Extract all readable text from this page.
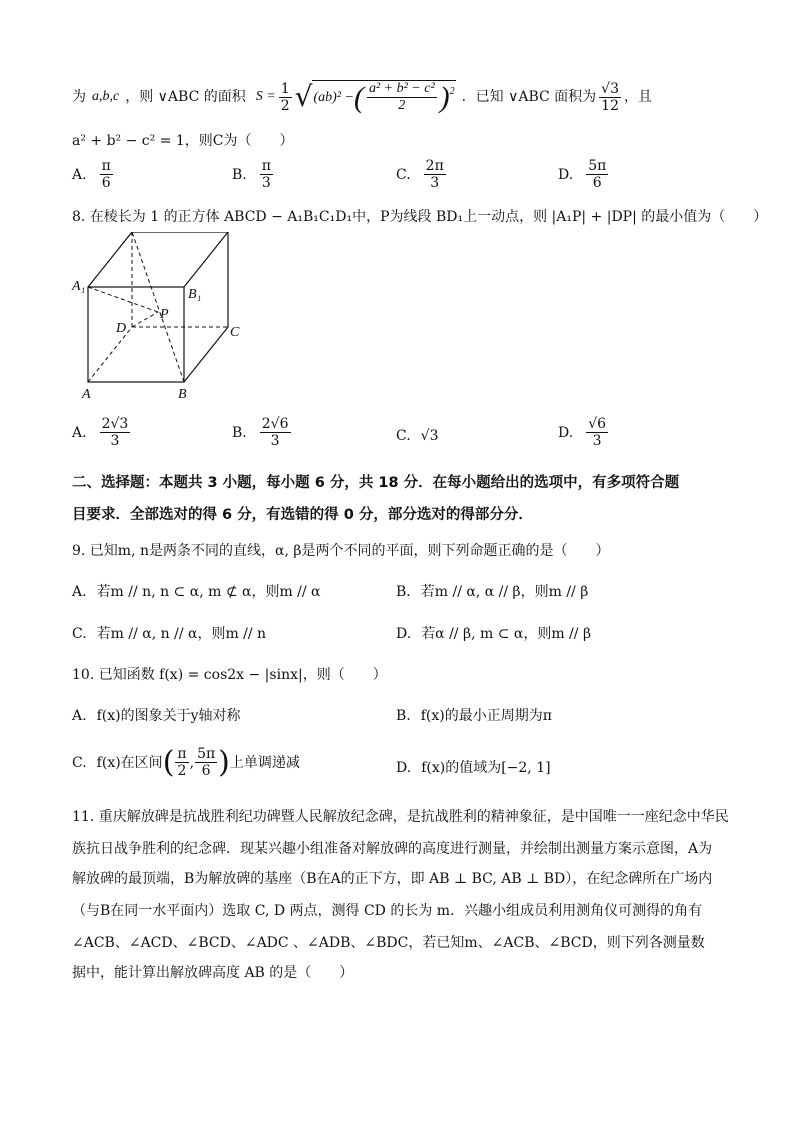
为 a,b,c ，则 ∨ABC 的面积 $S = \frac{1}{2}$ √ (ab)² − ( $\frac{\text{a² + b² − c²}}{2} )^2$ ．已知 ∨ABC 面积为 $\frac{√3}{12}$ ，且
a² + b² − c² = 1，则C为（　　）
A. $\frac{\pi}{6}$	B. $\frac{\pi}{3}$	C. $\frac{2\pi}{3}$	D. $\frac{5\pi}{6}$
8. 在棱长为 1 的正方体 ABCD − A₁B₁C₁D₁中，P为线段 BD₁上一动点，则 |A₁P| + |DP| 的最小值为（　　）
A₁
B₁
P
D	C
A	B
A. $\frac{2√3}{3}$	B. $\frac{2√6}{3}$	C. √3	D. $\frac{√6}{3}$
二、选择题：本题共 3 小题，每小题 6 分，共 18 分．在每小题给出的选项中，有多项符合题
目要求．全部选对的得 6 分，有选错的得 0 分，部分选对的得部分分．
9. 已知m, n是两条不同的直线，α, β是两个不同的平面，则下列命题正确的是（　　）
A. 若m // n, n ⊂ α, m ⊄ α，则m // α	B. 若m // α, α // β，则m // β
C. 若m // α, n // α，则m // n	D. 若α // β, m ⊂ α，则m // β
10. 已知函数 f(x) = cos2x − |sinx|，则（　　）
A. f(x)的图象关于y轴对称	B. f(x)的最小正周期为π
C. f(x)在区间 ( $\frac{\pi}{2}$ , $\frac{5\pi}{6}$ ) 上单调递减	D. f(x)的值域为[−2, 1]
11. 重庆解放碑是抗战胜利纪功碑暨人民解放纪念碑，是抗战胜利的精神象征，是中国唯一一座纪念中华民
族抗日战争胜利的纪念碑．现某兴趣小组准备对解放碑的高度进行测量，并绘制出测量方案示意图，A为
解放碑的最顶端，B为解放碑的基座（B在A的正下方，即 AB ⊥ BC, AB ⊥ BD），在纪念碑所在广场内
（与B在同一水平面内）选取 C, D 两点，测得 CD 的长为 m．兴趣小组成员利用测角仪可测得的角有
∠ACB、∠ACD、∠BCD、∠ADC 、∠ADB、∠BDC，若已知m、∠ACB、∠BCD，则下列各测量数
据中，能计算出解放碑高度 AB 的是（　　）
